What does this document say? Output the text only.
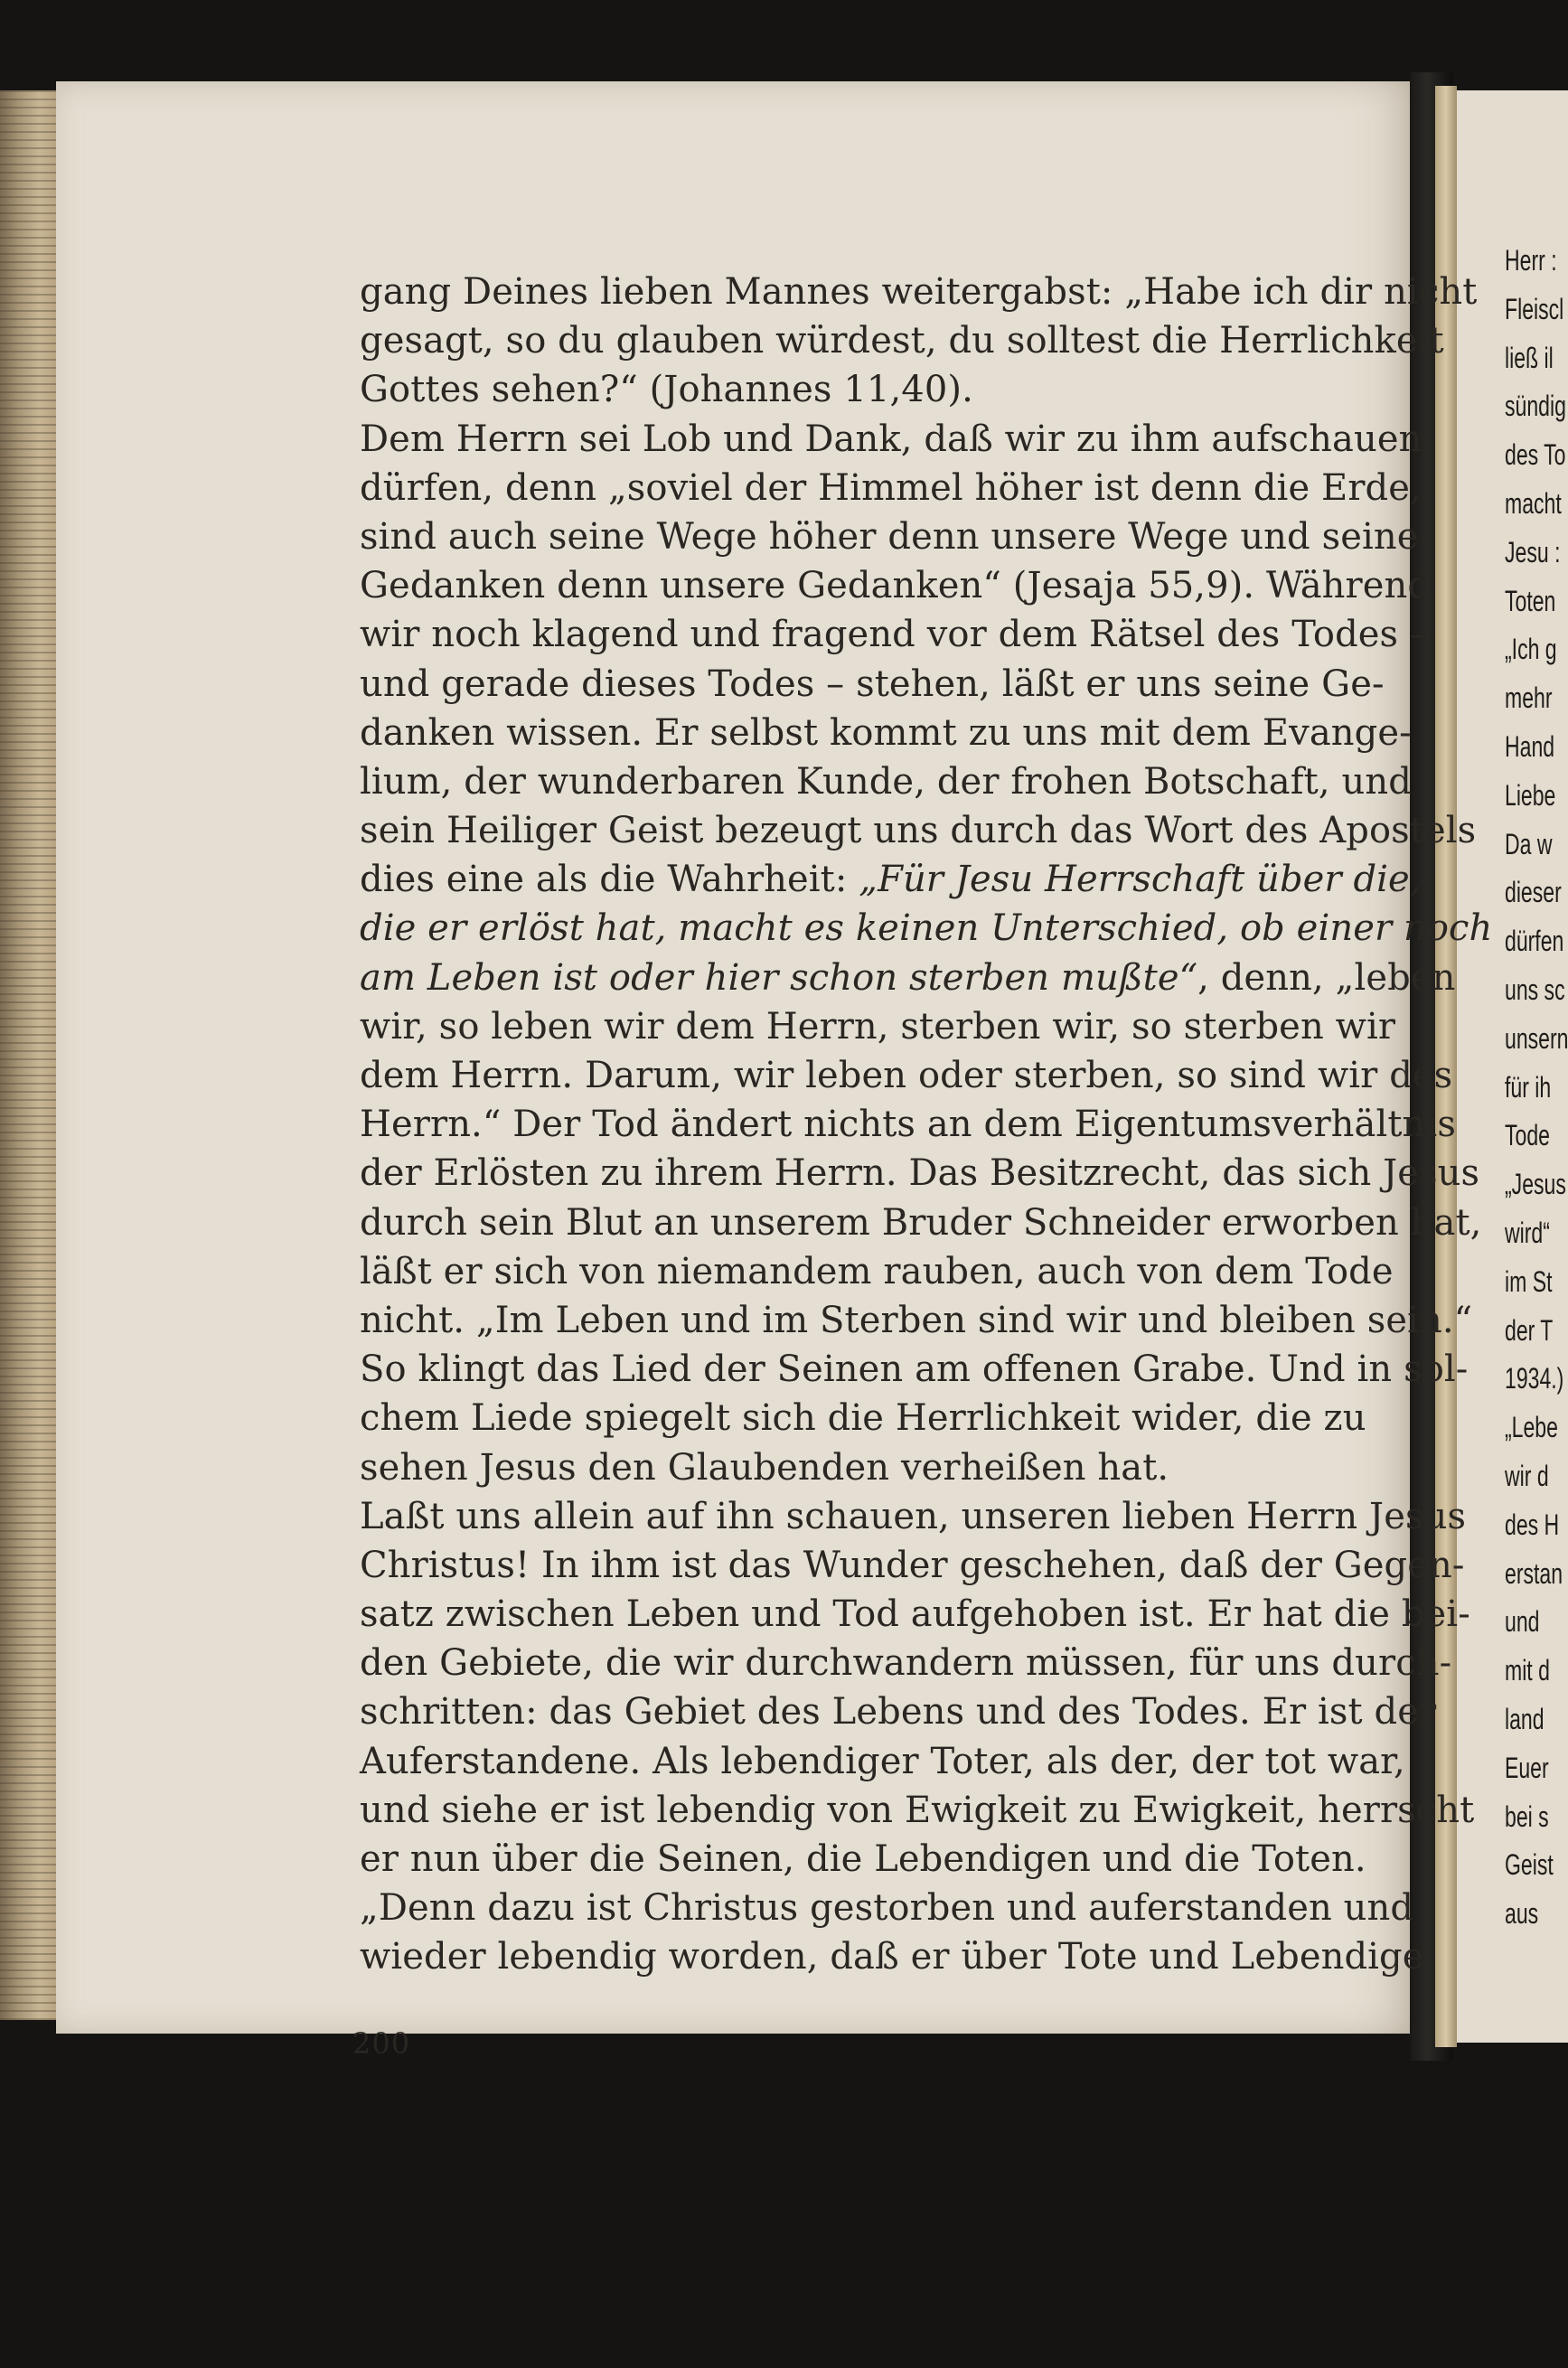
Herr :
Fleiscl
ließ il
sündig
des To
macht
Jesu :
Toten
„Ich g
mehr
Hand
Liebe
Da w
dieser
dürfen
uns sc
unsern
für ih
Tode
„Jesus
wird“
im St
der T
1934.)
„Lebe
wir d
des H
erstan
und
mit d
land
Euer
bei s
Geist
aus
gang Deines lieben Mannes weitergabst: „Habe ich dir nicht
gesagt, so du glauben würdest, du solltest die Herrlichkeit
Gottes sehen?“ (Johannes 11,40).
Dem Herrn sei Lob und Dank, daß wir zu ihm aufschauen
dürfen, denn „soviel der Himmel höher ist denn die Erde,
sind auch seine Wege höher denn unsere Wege und seine
Gedanken denn unsere Gedanken“ (Jesaja 55,9). Während
wir noch klagend und fragend vor dem Rätsel des Todes –
und gerade dieses Todes – stehen, läßt er uns seine Ge-
danken wissen. Er selbst kommt zu uns mit dem Evange-
lium, der wunderbaren Kunde, der frohen Botschaft, und
sein Heiliger Geist bezeugt uns durch das Wort des Apostels
dies eine als die Wahrheit: „Für Jesu Herrschaft über die,
die er erlöst hat, macht es keinen Unterschied, ob einer noch
am Leben ist oder hier schon sterben mußte“, denn, „leben
wir, so leben wir dem Herrn, sterben wir, so sterben wir
dem Herrn. Darum, wir leben oder sterben, so sind wir des
Herrn.“ Der Tod ändert nichts an dem Eigentumsverhältnis
der Erlösten zu ihrem Herrn. Das Besitzrecht, das sich Jesus
durch sein Blut an unserem Bruder Schneider erworben hat,
läßt er sich von niemandem rauben, auch von dem Tode
nicht. „Im Leben und im Sterben sind wir und bleiben sein.“
So klingt das Lied der Seinen am offenen Grabe. Und in sol-
chem Liede spiegelt sich die Herrlichkeit wider, die zu
sehen Jesus den Glaubenden verheißen hat.
Laßt uns allein auf ihn schauen, unseren lieben Herrn Jesus
Christus! In ihm ist das Wunder geschehen, daß der Gegen-
satz zwischen Leben und Tod aufgehoben ist. Er hat die bei-
den Gebiete, die wir durchwandern müssen, für uns durch-
schritten: das Gebiet des Lebens und des Todes. Er ist der
Auferstandene. Als lebendiger Toter, als der, der tot war,
und siehe er ist lebendig von Ewigkeit zu Ewigkeit, herrscht
er nun über die Seinen, die Lebendigen und die Toten.
„Denn dazu ist Christus gestorben und auferstanden und
wieder lebendig worden, daß er über Tote und Lebendige
200
